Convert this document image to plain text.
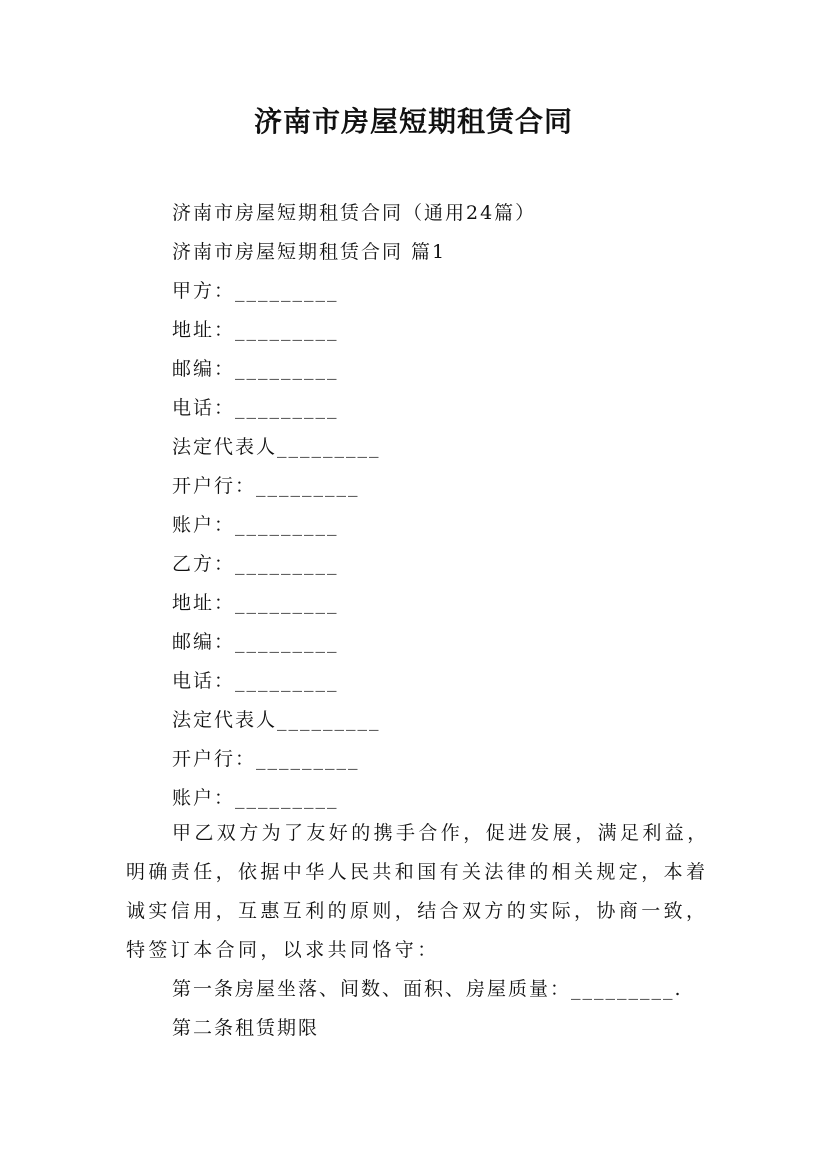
济南市房屋短期租赁合同
济南市房屋短期租赁合同（通用24篇）
济南市房屋短期租赁合同 篇1
甲方：_________
地址：_________
邮编：_________
电话：_________
法定代表人_________
开户行：_________
账户：_________
乙方：_________
地址：_________
邮编：_________
电话：_________
法定代表人_________
开户行：_________
账户：_________
甲乙双方为了友好的携手合作，促进发展，满足利益，明确责任，依据中华人民共和国有关法律的相关规定，本着诚实信用，互惠互利的原则，结合双方的实际，协商一致，特签订本合同，以求共同恪守：
第一条房屋坐落、间数、面积、房屋质量：_________.
第二条租赁期限
